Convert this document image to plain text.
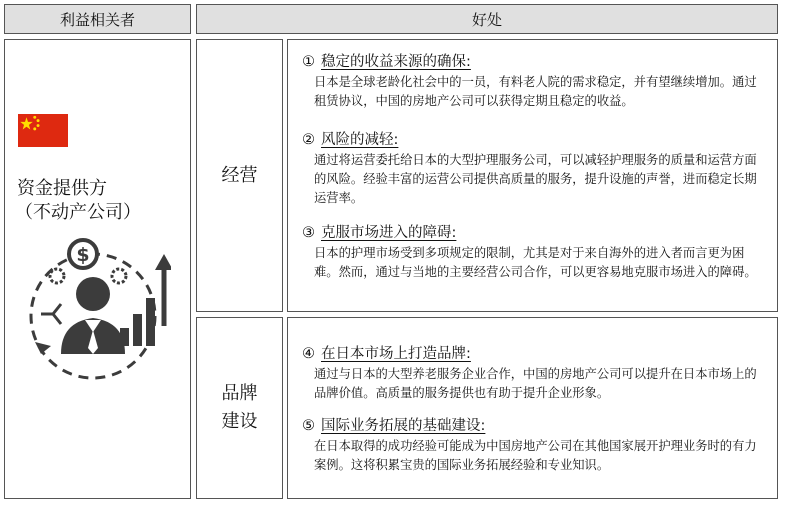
利益相关者	好处
资金提供方
（不动产公司）
$
经营
① 稳定的收益来源的确保:
日本是全球老龄化社会中的一员，有料老人院的需求稳定，并有望继续增加。通过租赁协议，中国的房地产公司可以获得定期且稳定的收益。
② 风险的减轻:
通过将运营委托给日本的大型护理服务公司，可以减轻护理服务的质量和运营方面的风险。经验丰富的运营公司提供高质量的服务，提升设施的声誉，进而稳定长期运营率。
③ 克服市场进入的障碍:
日本的护理市场受到多项规定的限制，尤其是对于来自海外的进入者而言更为困难。然而，通过与当地的主要经营公司合作，可以更容易地克服市场进入的障碍。
品牌
建设
④ 在日本市场上打造品牌:
通过与日本的大型养老服务企业合作，中国的房地产公司可以提升在日本市场上的品牌价值。高质量的服务提供也有助于提升企业形象。
⑤ 国际业务拓展的基础建设:
在日本取得的成功经验可能成为中国房地产公司在其他国家展开护理业务时的有力案例。这将积累宝贵的国际业务拓展经验和专业知识。
